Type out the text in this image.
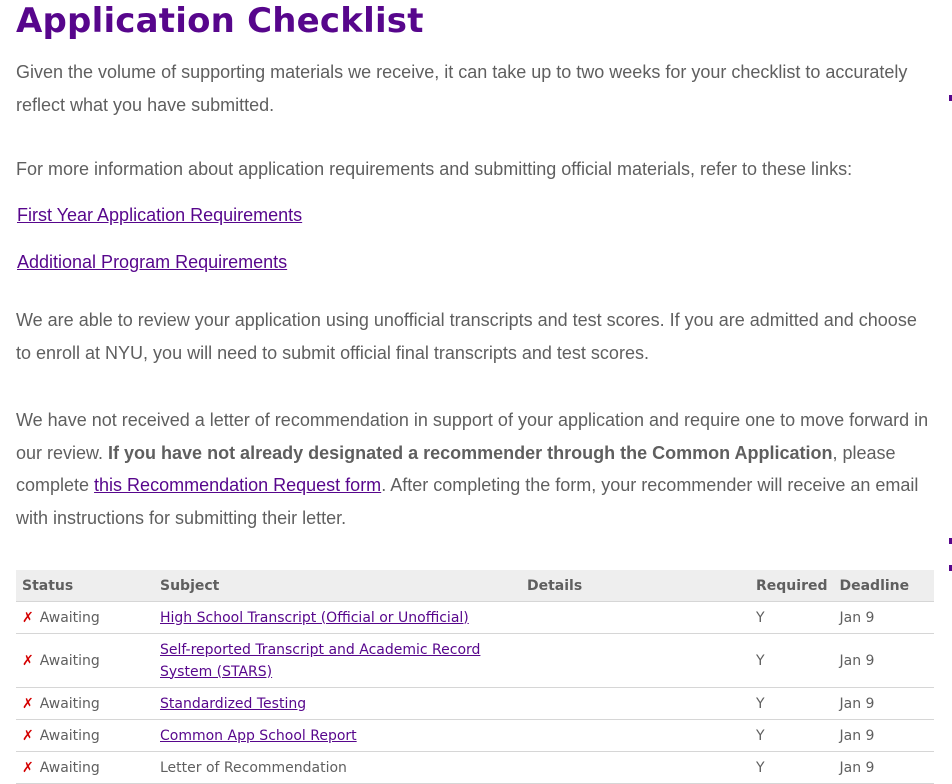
Application Checklist

Given the volume of supporting materials we receive, it can take up to two weeks for your checklist to accurately reflect what you have submitted.

For more information about application requirements and submitting official materials, refer to these links:

First Year Application Requirements
Additional Program Requirements

We are able to review your application using unofficial transcripts and test scores. If you are admitted and choose to enroll at NYU, you will need to submit official final transcripts and test scores.

We have not received a letter of recommendation in support of your application and require one to move forward in our review. If you have not already designated a recommender through the Common Application, please complete this Recommendation Request form. After completing the form, your recommender will receive an email with instructions for submitting their letter.

Status	Subject	Details	Required	Deadline
✗ Awaiting	High School Transcript (Official or Unofficial)		Y	Jan 9
✗ Awaiting	Self-reported Transcript and Academic Record System (STARS)		Y	Jan 9
✗ Awaiting	Standardized Testing		Y	Jan 9
✗ Awaiting	Common App School Report		Y	Jan 9
✗ Awaiting	Letter of Recommendation		Y	Jan 9
